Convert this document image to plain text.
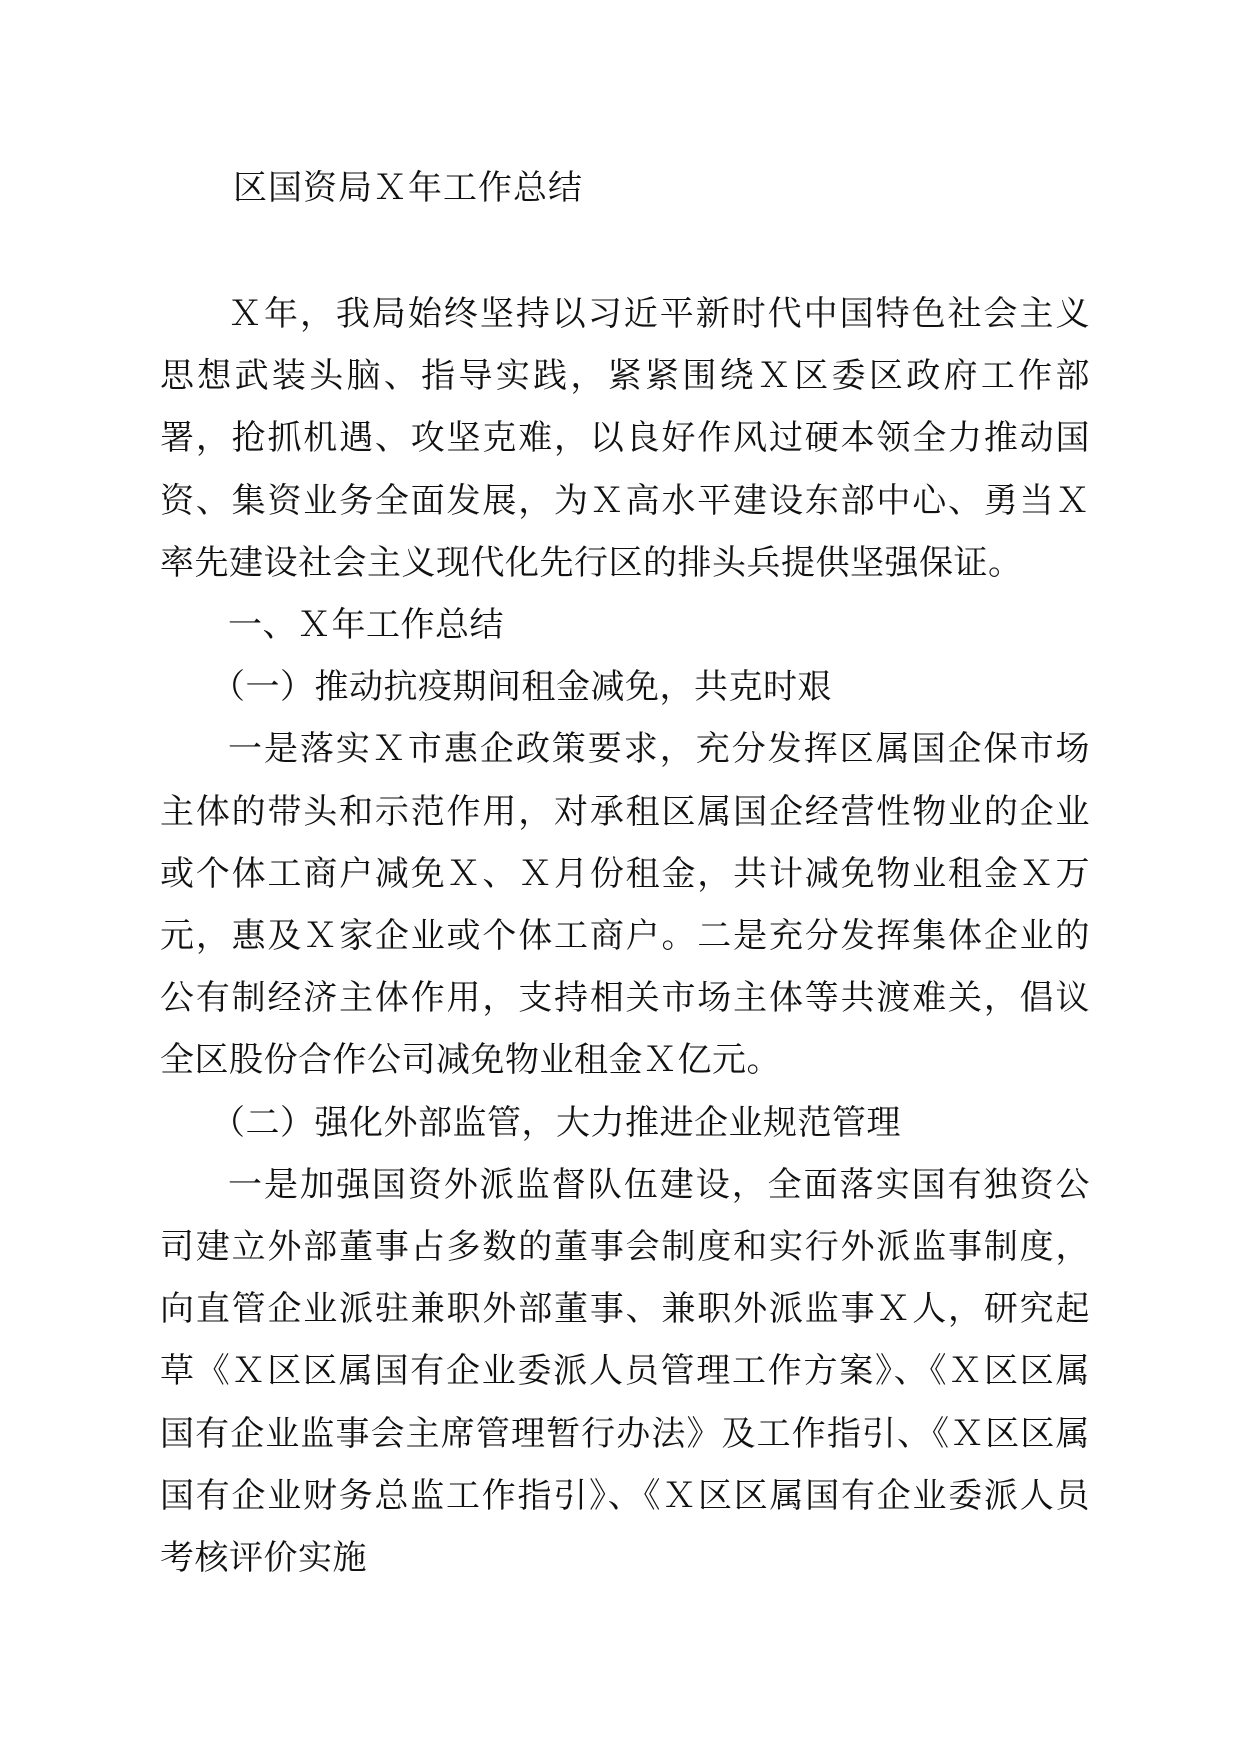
区国资局Ｘ年工作总结

Ｘ年，我局始终坚持以习近平新时代中国特色社会主义思想武装头脑、指导实践，紧紧围绕Ｘ区委区政府工作部署，抢抓机遇、攻坚克难，以良好作风过硬本领全力推动国资、集资业务全面发展，为Ｘ高水平建设东部中心、勇当Ｘ率先建设社会主义现代化先行区的排头兵提供坚强保证。

一、Ｘ年工作总结

（一）推动抗疫期间租金减免，共克时艰

一是落实Ｘ市惠企政策要求，充分发挥区属国企保市场主体的带头和示范作用，对承租区属国企经营性物业的企业或个体工商户减免Ｘ、Ｘ月份租金，共计减免物业租金Ｘ万元，惠及Ｘ家企业或个体工商户。二是充分发挥集体企业的公有制经济主体作用，支持相关市场主体等共渡难关，倡议全区股份合作公司减免物业租金Ｘ亿元。

（二）强化外部监管，大力推进企业规范管理

一是加强国资外派监督队伍建设，全面落实国有独资公司建立外部董事占多数的董事会制度和实行外派监事制度，向直管企业派驻兼职外部董事、兼职外派监事Ｘ人，研究起草《Ｘ区区属国有企业委派人员管理工作方案》、《Ｘ区区属国有企业监事会主席管理暂行办法》及工作指引、《Ｘ区区属国有企业财务总监工作指引》、《Ｘ区区属国有企业委派人员考核评价实施
